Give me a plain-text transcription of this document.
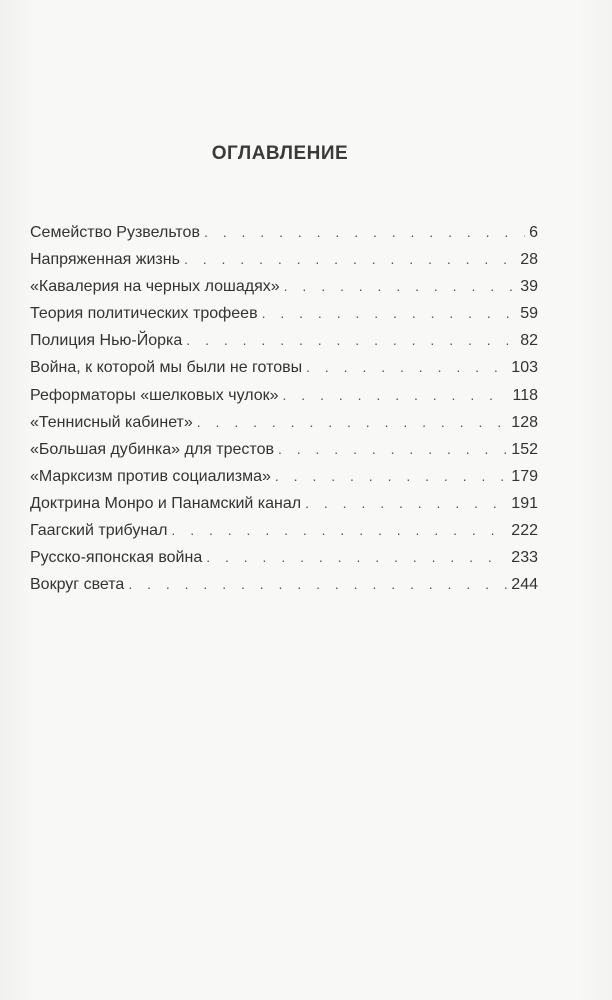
ОГЛАВЛЕНИЕ
Семейство Рузвельтов . . .	6
Напряженная жизнь . . .	28
«Кавалерия на черных лошадях» . . .	39
Теория политических трофеев . . .	59
Полиция Нью-Йорка . . .	82
Война, к которой мы были не готовы . . .	103
Реформаторы «шелковых чулок» . . .	118
«Теннисный кабинет» . . .	128
«Большая дубинка» для трестов . . .	152
«Марксизм против социализма» . . .	179
Доктрина Монро и Панамский канал . . .	191
Гаагский трибунал . . .	222
Русско-японская война . . .	233
Вокруг света . . .	244
